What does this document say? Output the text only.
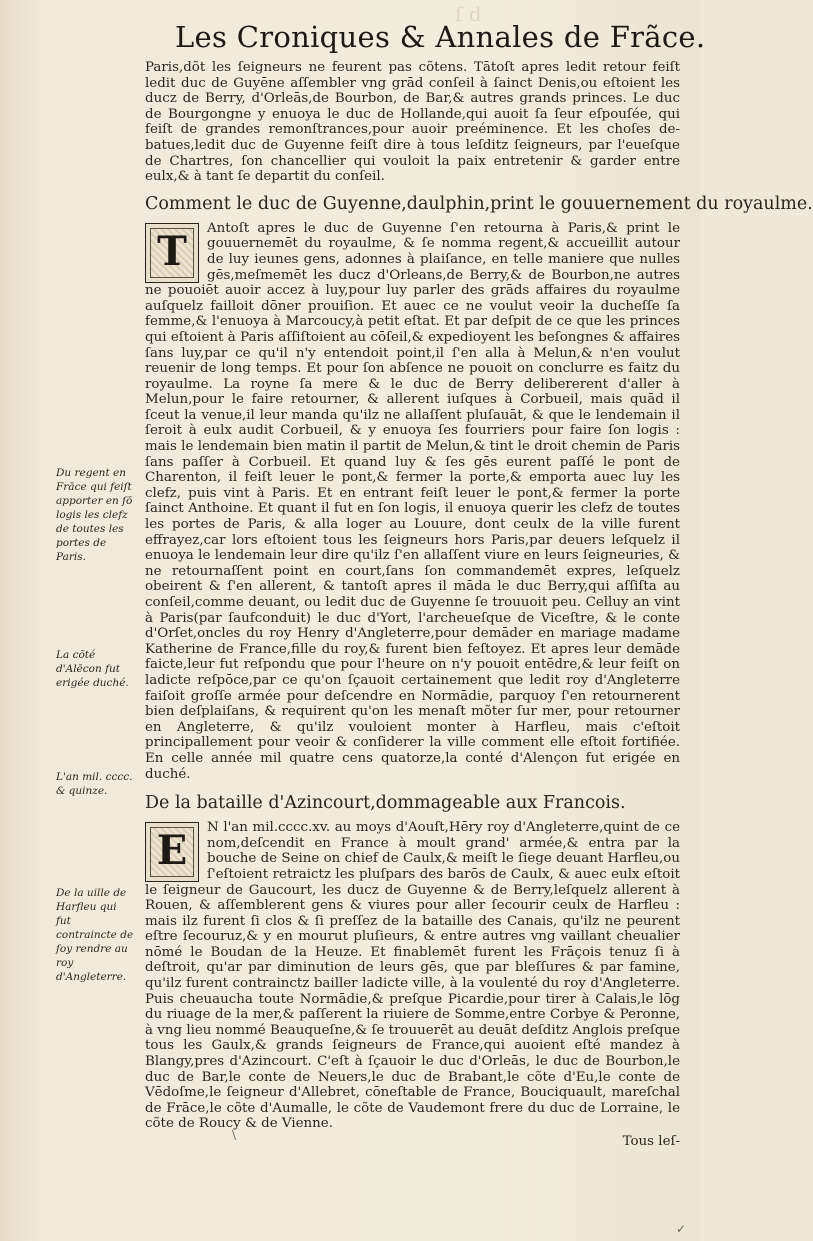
ſ d
Les Croniques & Annales de Frãce.

Paris,dõt les ſeigneurs ne feurent pas cõtens. Tātoſt apres ledit retour feiſt ledit duc de Guyēne aſſembler vng grād conſeil à ſainct Denis,ou eſtoient les ducz de Berry, d'Orleās,de Bourbon, de Bar,& autres grands princes. Le duc de Bourgongne y enuoya le duc de Hollande,qui auoit ſa ſeur eſpouſée, qui feiſt de grandes remonſtrances,pour auoir preéminence. Et les choſes de-batues,ledit duc de Guyenne feiſt dire à tous leſditz ſeigneurs, par l'eueſque de Chartres, ſon chancellier qui vouloit la paix entretenir & garder entre eulx,& à tant ſe departit du conſeil.

Comment le duc de Guyenne,daulphin,print le gouuernement du royaulme.
T	Antoſt apres le duc de Guyenne ſ'en retourna à Paris,& print le gouuernemēt du royaulme, & ſe nomma regent,& accueillit autour de luy ieunes gens, adonnes à plaiſance, en telle maniere que nulles gēs,meſmemēt les ducz d'Orleans,de Berry,& de Bourbon,ne autres ne pouoiēt auoir accez à luy,pour luy parler des grāds affaires du royaulme auſquelz failloit dōner prouiſion. Et auec ce ne voulut veoir la ducheſſe ſa femme,& l'enuoya à Marcoucy,à petit eſtat. Et par deſpit de ce que les princes qui eſtoient à Paris aſſiſtoient au cōſeil,& expedioyent les beſongnes & affaires ſans luy,par ce qu'il n'y entendoit point,il ſ'en alla à Melun,& n'en voulut reuenir de long temps. Et pour ſon abſence ne pouoit on conclurre es faitz du royaulme. La royne ſa mere & le duc de Berry delibererent d'aller à Melun,pour le faire retourner, & allerent iuſques à Corbueil, mais quād il ſceut la venue,il leur manda qu'ilz ne allaſſent pluſauāt, & que le lendemain il ſeroit à eulx audit Corbueil, & y enuoya ſes fourriers pour faire ſon logis : mais le lendemain bien matin il partit de Melun,& tint le droit chemin de Paris ſans paſſer à Corbueil. Et quand luy & ſes gēs eurent paſſé le pont de Charenton, il feiſt leuer le pont,& fermer la porte,& emporta auec luy les clefz, puis vint à Paris. Et en entrant feiſt leuer le pont,& fermer la porte ſainct Anthoine. Et quant il fut en ſon logis, il enuoya querir les clefz de toutes les portes de Paris, & alla loger au Louure, dont ceulx de la ville furent effrayez,car lors eſtoient tous les ſeigneurs hors Paris,par deuers leſquelz il enuoya le lendemain leur dire qu'ilz ſ'en allaſſent viure en leurs ſeigneuries, & ne retournaſſent point en court,ſans ſon commandemēt expres, leſquelz obeirent & ſ'en allerent, & tantoſt apres il māda le duc Berry,qui aſſiſta au conſeil,comme deuant, ou ledit duc de Guyenne ſe trouuoit peu. Celluy an vint à Paris(par ſaufconduit) le duc d'Yort, l'archeueſque de Viceſtre, & le conte d'Orſet,oncles du roy Henry d'Angleterre,pour demāder en mariage madame Katherine de France,fille du roy,& furent bien feſtoyez. Et apres leur demāde faicte,leur fut reſpondu que pour l'heure on n'y pouoit entēdre,& leur feiſt on ladicte reſpōce,par ce qu'on ſçauoit certainement que ledit roy d'Angleterre faiſoit groſſe armée pour deſcendre en Normādie, parquoy ſ'en retournerent bien deſplaiſans, & requirent qu'on les menaſt mõter ſur mer, pour retourner en Angleterre, & qu'ilz vouloient monter à Harfleu, mais c'eſtoit principallement pour veoir & conſiderer la ville comment elle eſtoit fortifiée. En celle année mil quatre cens quatorze,la conté d'Alençon fut erigée en duché.

De la bataille d'Azincourt,dommageable aux Francois.
E	N l'an mil.cccc.xv. au moys d'Aouſt,Hēry roy d'Angleterre,quint de ce nom,deſcendit en France à moult grand' armée,& entra par la bouche de Seine on chief de Caulx,& meiſt le ſiege deuant Harfleu,ou ſ'eſtoient retraictz les pluſpars des barōs de Caulx, & auec eulx eſtoit le ſeigneur de Gaucourt, les ducz de Guyenne & de Berry,leſquelz allerent à Rouen, & aſſemblerent gens & viures pour aller ſecourir ceulx de Harfleu : mais ilz furent ſi clos & ſi preſſez de la bataille des Canais, qu'ilz ne peurent eſtre ſecouruz,& y en mourut pluſieurs, & entre autres vng vaillant cheualier nōmé le Boudan de la Heuze. Et finablemēt furent les Frāçois tenuz ſi à deſtroit, qu'ar par diminution de leurs gēs, que par bleſſures & par famine, qu'ilz furent contrainctz bailler ladicte ville, à la voulenté du roy d'Angleterre. Puis cheuaucha toute Normādie,& preſque Picardie,pour tirer à Calais,le lōg du riuage de la mer,& paſſerent la riuiere de Somme,entre Corbye & Peronne, à vng lieu nommé Beauqueſne,& ſe trouuerēt au deuāt deſditz Anglois preſque tous les Gaulx,& grands ſeigneurs de France,qui auoient eſté mandez à Blangy,pres d'Azincourt. C'eſt à ſçauoir le duc d'Orleās, le duc de Bourbon,le duc de Bar,le conte de Neuers,le duc de Brabant,le cõte d'Eu,le conte de Vēdoſme,le ſeigneur d'Allebret, cōneſtable de France, Bouciquault, mareſchal de Frāce,le cõte d'Aumalle, le cõte de Vaudemont frere du duc de Lorraine, le cõte de Roucy & de Vienne.

Tous leſ-
Du regent en Frāce qui feiſt apporter en ſō logis les clefz de toutes les portes de Paris.
La cõté d'Alēcon fut erigée duché.
L'an mil. cccc. & quinze.
De la uille de Harfleu qui fut contraincte de ſoy rendre au roy d'Angleterre.
\
✓
